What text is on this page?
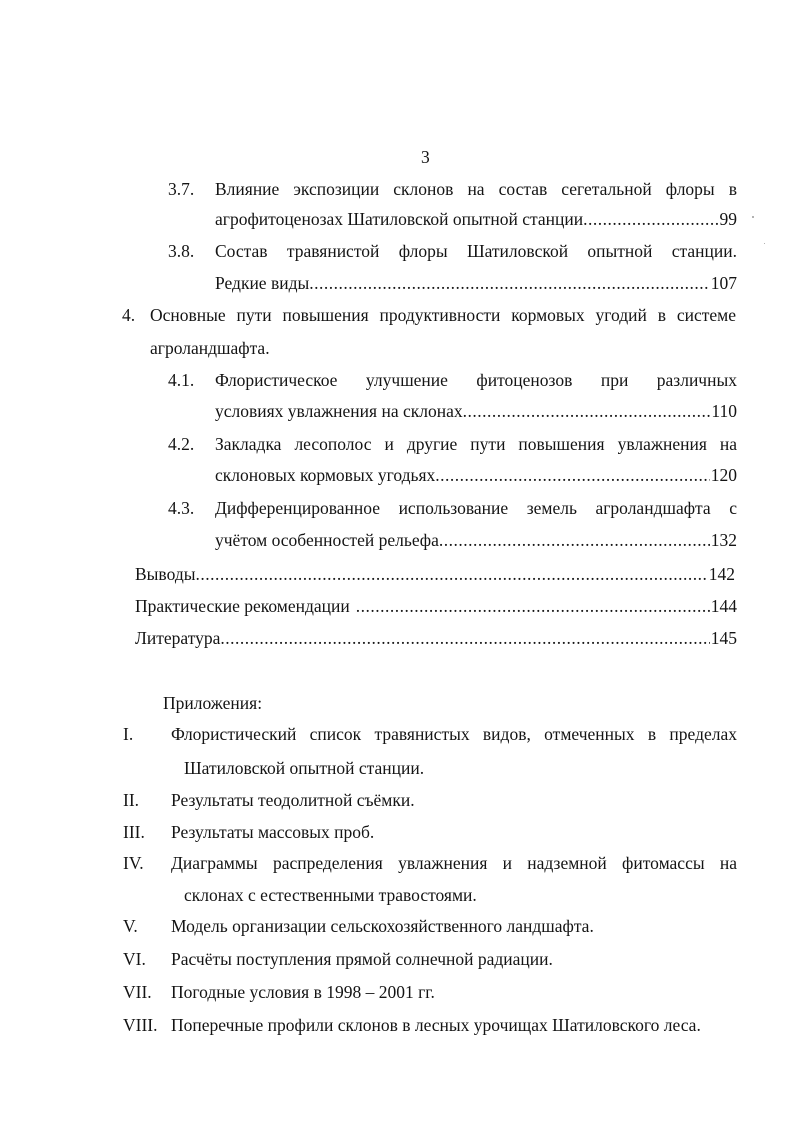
3
3.7. Влияние экспозиции склонов на состав сегетальной флоры в
агрофитоценозах Шатиловской опытной станции .....	99
3.8. Состав травянистой флоры Шатиловской опытной станции.
Редкие виды .....	107
4. Основные пути повышения продуктивности кормовых угодий в системе
агроландшафта.
4.1. Флористическое улучшение фитоценозов при различных
условиях увлажнения на склонах .....	110
4.2. Закладка лесополос и другие пути повышения увлажнения на
склоновых кормовых угодьях .....	120
4.3. Дифференцированное использование земель агроландшафта с
учётом особенностей рельефа .....	132
Выводы .....	142
Практические рекомендации .....	144
Литература .....	145
Приложения:
I. Флористический список травянистых видов, отмеченных в пределах
Шатиловской опытной станции.
II. Результаты теодолитной съёмки.
III. Результаты массовых проб.
IV. Диаграммы распределения увлажнения и надземной фитомассы на
склонах с естественными травостоями.
V. Модель организации сельскохозяйственного ландшафта.
VI. Расчёты поступления прямой солнечной радиации.
VII. Погодные условия в 1998 – 2001 гг.
VIII. Поперечные профили склонов в лесных урочищах Шатиловского леса.
